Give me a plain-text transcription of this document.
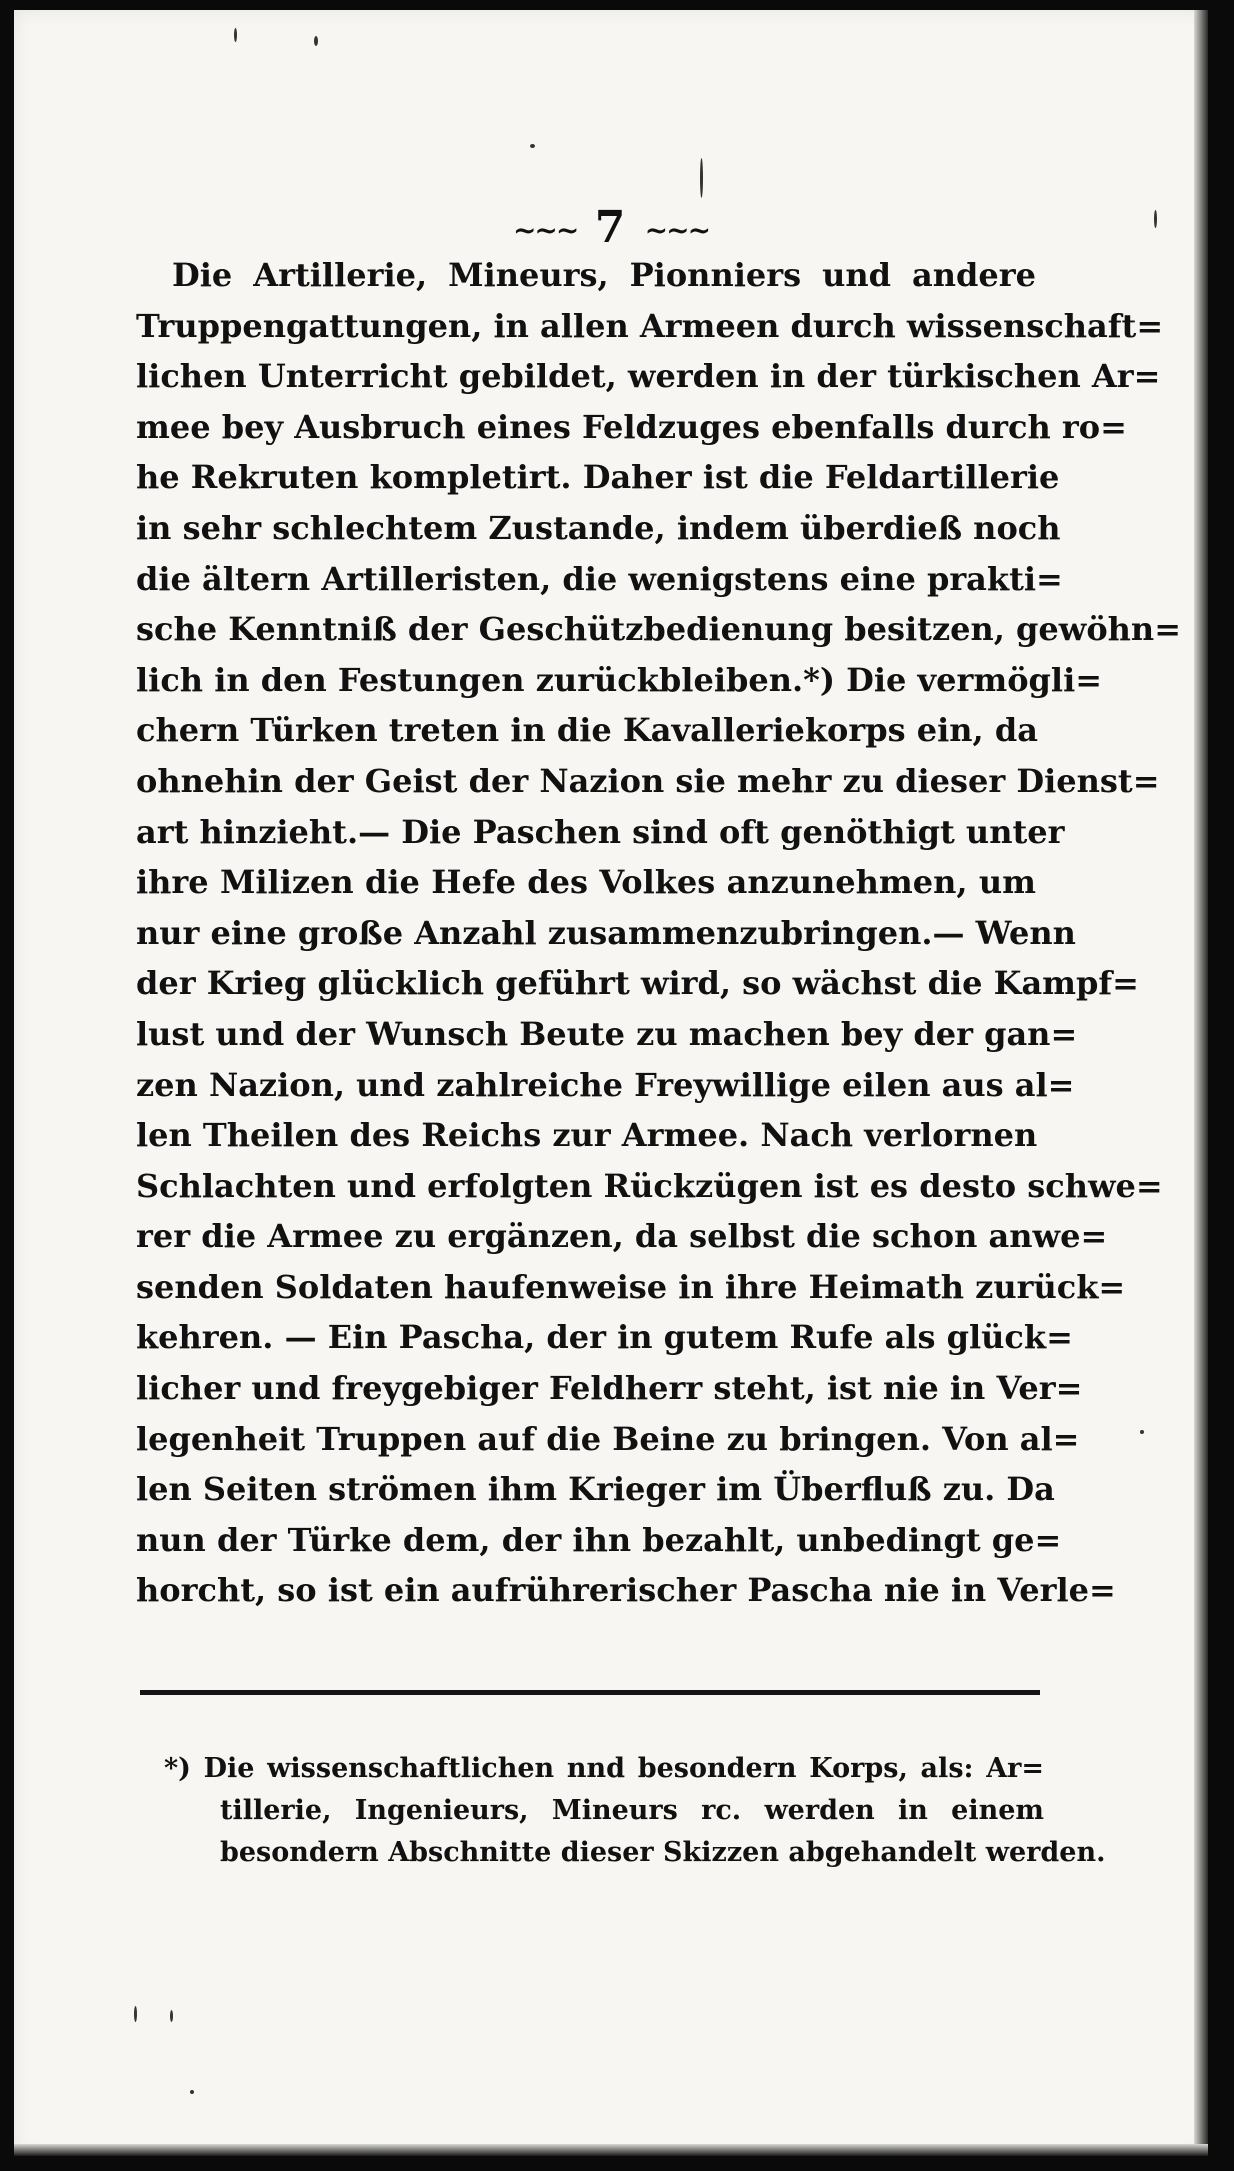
~~~ 7 ~~~
Die Artillerie, Mineurs, Pionniers und andere
Truppengattungen, in allen Armeen durch wissenschaft=
lichen Unterricht gebildet, werden in der türkischen Ar=
mee bey Ausbruch eines Feldzuges ebenfalls durch ro=
he Rekruten kompletirt. Daher ist die Feldartillerie
in sehr schlechtem Zustande, indem überdieß noch
die ältern Artilleristen, die wenigstens eine prakti=
sche Kenntniß der Geschützbedienung besitzen, gewöhn=
lich in den Festungen zurückbleiben.*) Die vermögli=
chern Türken treten in die Kavalleriekorps ein, da
ohnehin der Geist der Nazion sie mehr zu dieser Dienst=
art hinzieht.— Die Paschen sind oft genöthigt unter
ihre Milizen die Hefe des Volkes anzunehmen, um
nur eine große Anzahl zusammenzubringen.— Wenn
der Krieg glücklich geführt wird, so wächst die Kampf=
lust und der Wunsch Beute zu machen bey der gan=
zen Nazion, und zahlreiche Freywillige eilen aus al=
len Theilen des Reichs zur Armee. Nach verlornen
Schlachten und erfolgten Rückzügen ist es desto schwe=
rer die Armee zu ergänzen, da selbst die schon anwe=
senden Soldaten haufenweise in ihre Heimath zurück=
kehren. — Ein Pascha, der in gutem Rufe als glück=
licher und freygebiger Feldherr steht, ist nie in Ver=
legenheit Truppen auf die Beine zu bringen. Von al=
len Seiten strömen ihm Krieger im Überfluß zu. Da
nun der Türke dem, der ihn bezahlt, unbedingt ge=
horcht, so ist ein aufrührerischer Pascha nie in Verle=
*) Die wissenschaftlichen nnd besondern Korps, als: Ar=
tillerie, Ingenieurs, Mineurs rc. werden in einem
besondern Abschnitte dieser Skizzen abgehandelt werden.
